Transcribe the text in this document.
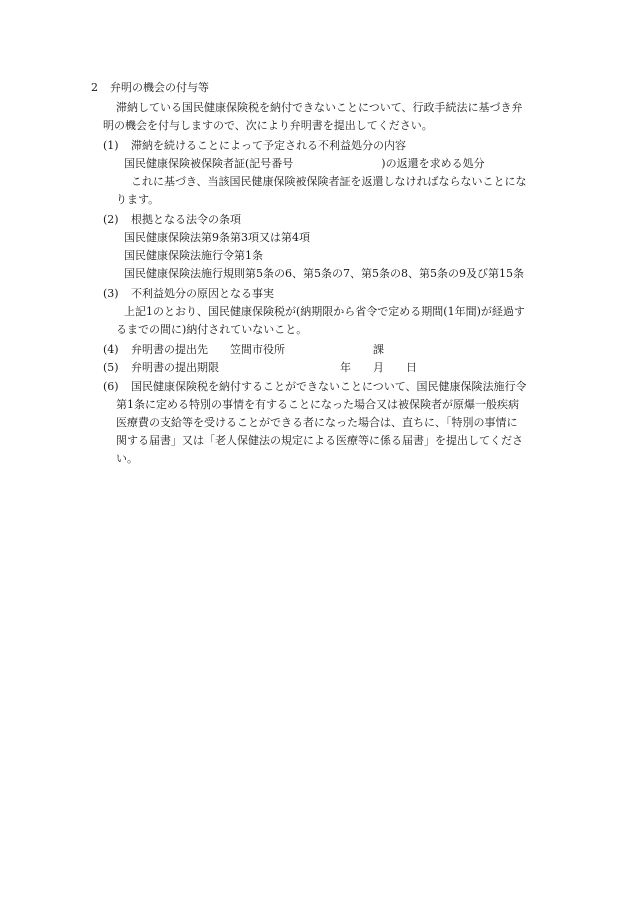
2 弁明の機会の付与等
滞納している国民健康保険税を納付できないことについて、行政手続法に基づき弁
明の機会を付与しますので、次により弁明書を提出してください。
(1) 滞納を続けることによって予定される不利益処分の内容
国民健康保険被保険者証(記号番号　　　　　　　　)の返還を求める処分
これに基づき、当該国民健康保険被保険者証を返還しなければならないことにな
ります。
(2) 根拠となる法令の条項
国民健康保険法第9条第3項又は第4項
国民健康保険法施行令第1条
国民健康保険法施行規則第5条の6、第5条の7、第5条の8、第5条の9及び第15条
(3) 不利益処分の原因となる事実
上記1のとおり、国民健康保険税が(納期限から省令で定める期間(1年間)が経過す
るまでの間に)納付されていないこと。
(4) 弁明書の提出先　　笠間市役所　　　　　　　　課
(5) 弁明書の提出期限　　　　　　　　　　　年　　月　　日
(6) 国民健康保険税を納付することができないことについて、国民健康保険法施行令
第1条に定める特別の事情を有することになった場合又は被保険者が原爆一般疾病
医療費の支給等を受けることができる者になった場合は、直ちに、「特別の事情に
関する届書」又は「老人保健法の規定による医療等に係る届書」を提出してくださ
い。
